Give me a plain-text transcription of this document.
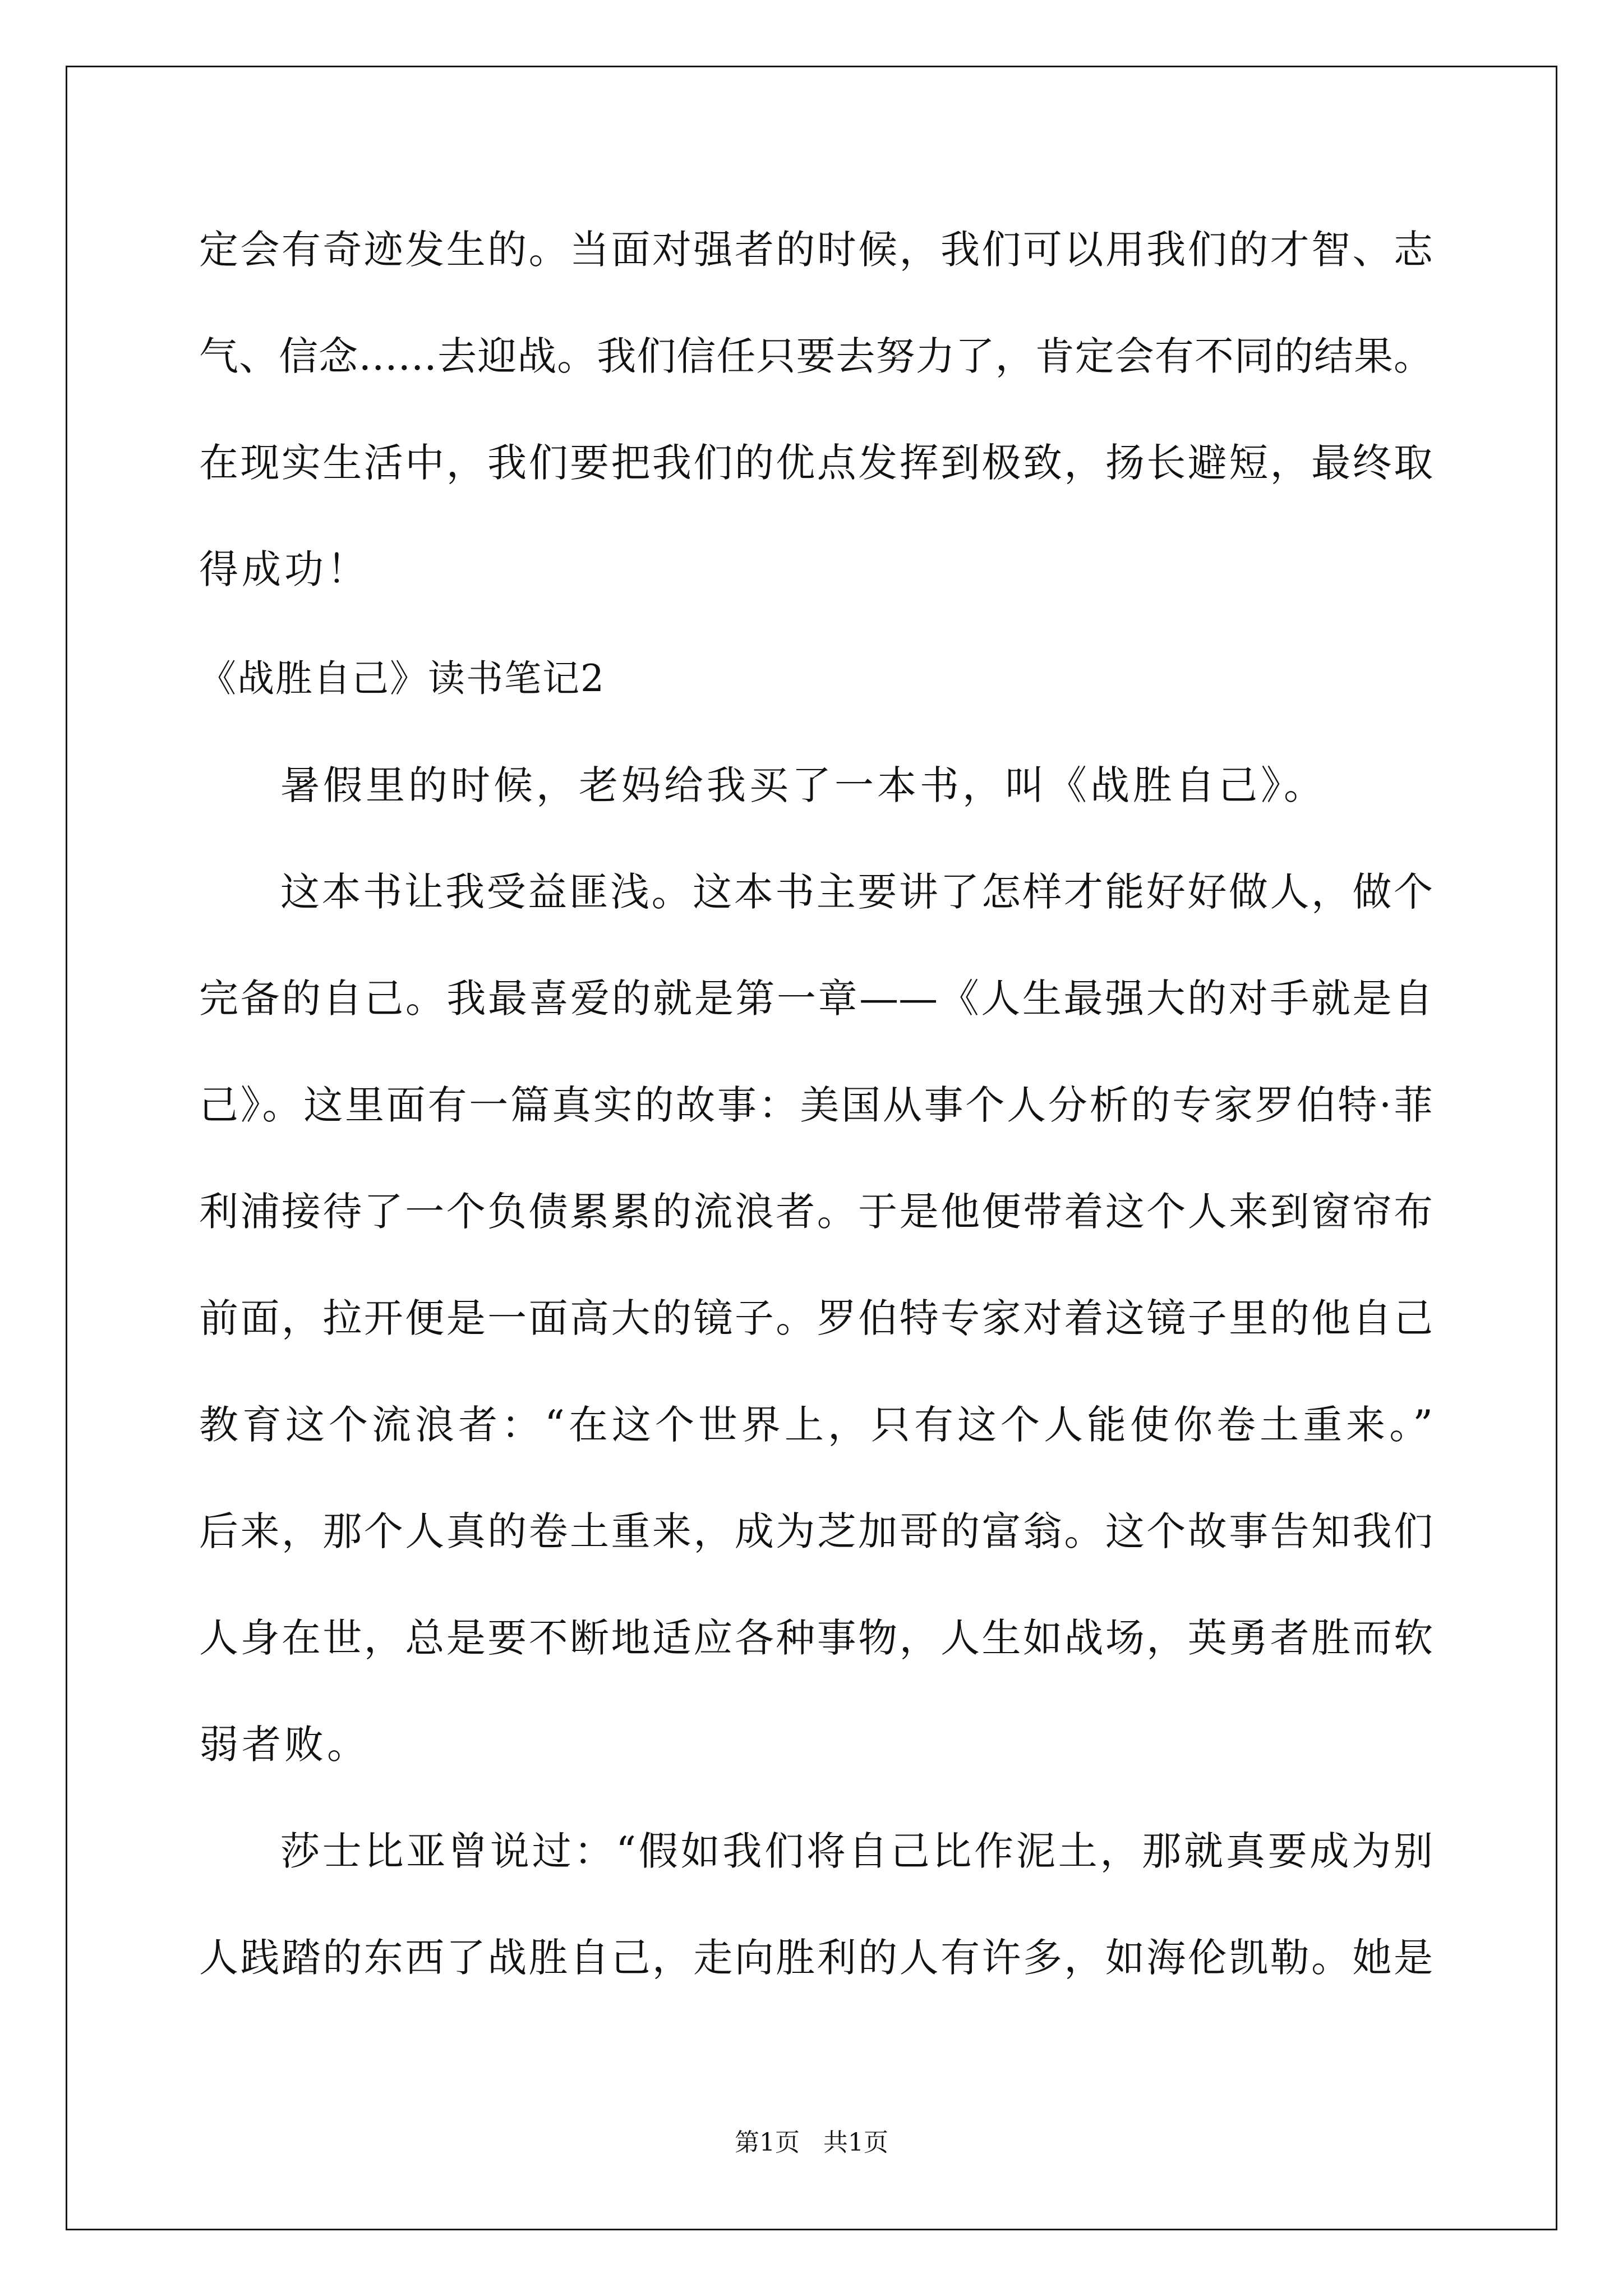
定会有奇迹发生的。当面对强者的时候，我们可以用我们的才智、志
气、信念……去迎战。我们信任只要去努力了，肯定会有不同的结果。
在现实生活中，我们要把我们的优点发挥到极致，扬长避短，最终取
得成功！
《战胜自己》读书笔记2
暑假里的时候，老妈给我买了一本书，叫《战胜自己》。
这本书让我受益匪浅。这本书主要讲了怎样才能好好做人，做个
完备的自己。我最喜爱的就是第一章——《人生最强大的对手就是自
己》。这里面有一篇真实的故事：美国从事个人分析的专家罗伯特·菲
利浦接待了一个负债累累的流浪者。于是他便带着这个人来到窗帘布
前面，拉开便是一面高大的镜子。罗伯特专家对着这镜子里的他自己
教育这个流浪者：“在这个世界上，只有这个人能使你卷土重来。”
后来，那个人真的卷土重来，成为芝加哥的富翁。这个故事告知我们
人身在世，总是要不断地适应各种事物，人生如战场，英勇者胜而软
弱者败。
莎士比亚曾说过：“假如我们将自己比作泥土，那就真要成为别
人践踏的东西了战胜自己，走向胜利的人有许多，如海伦凯勒。她是
第1页   共1页
